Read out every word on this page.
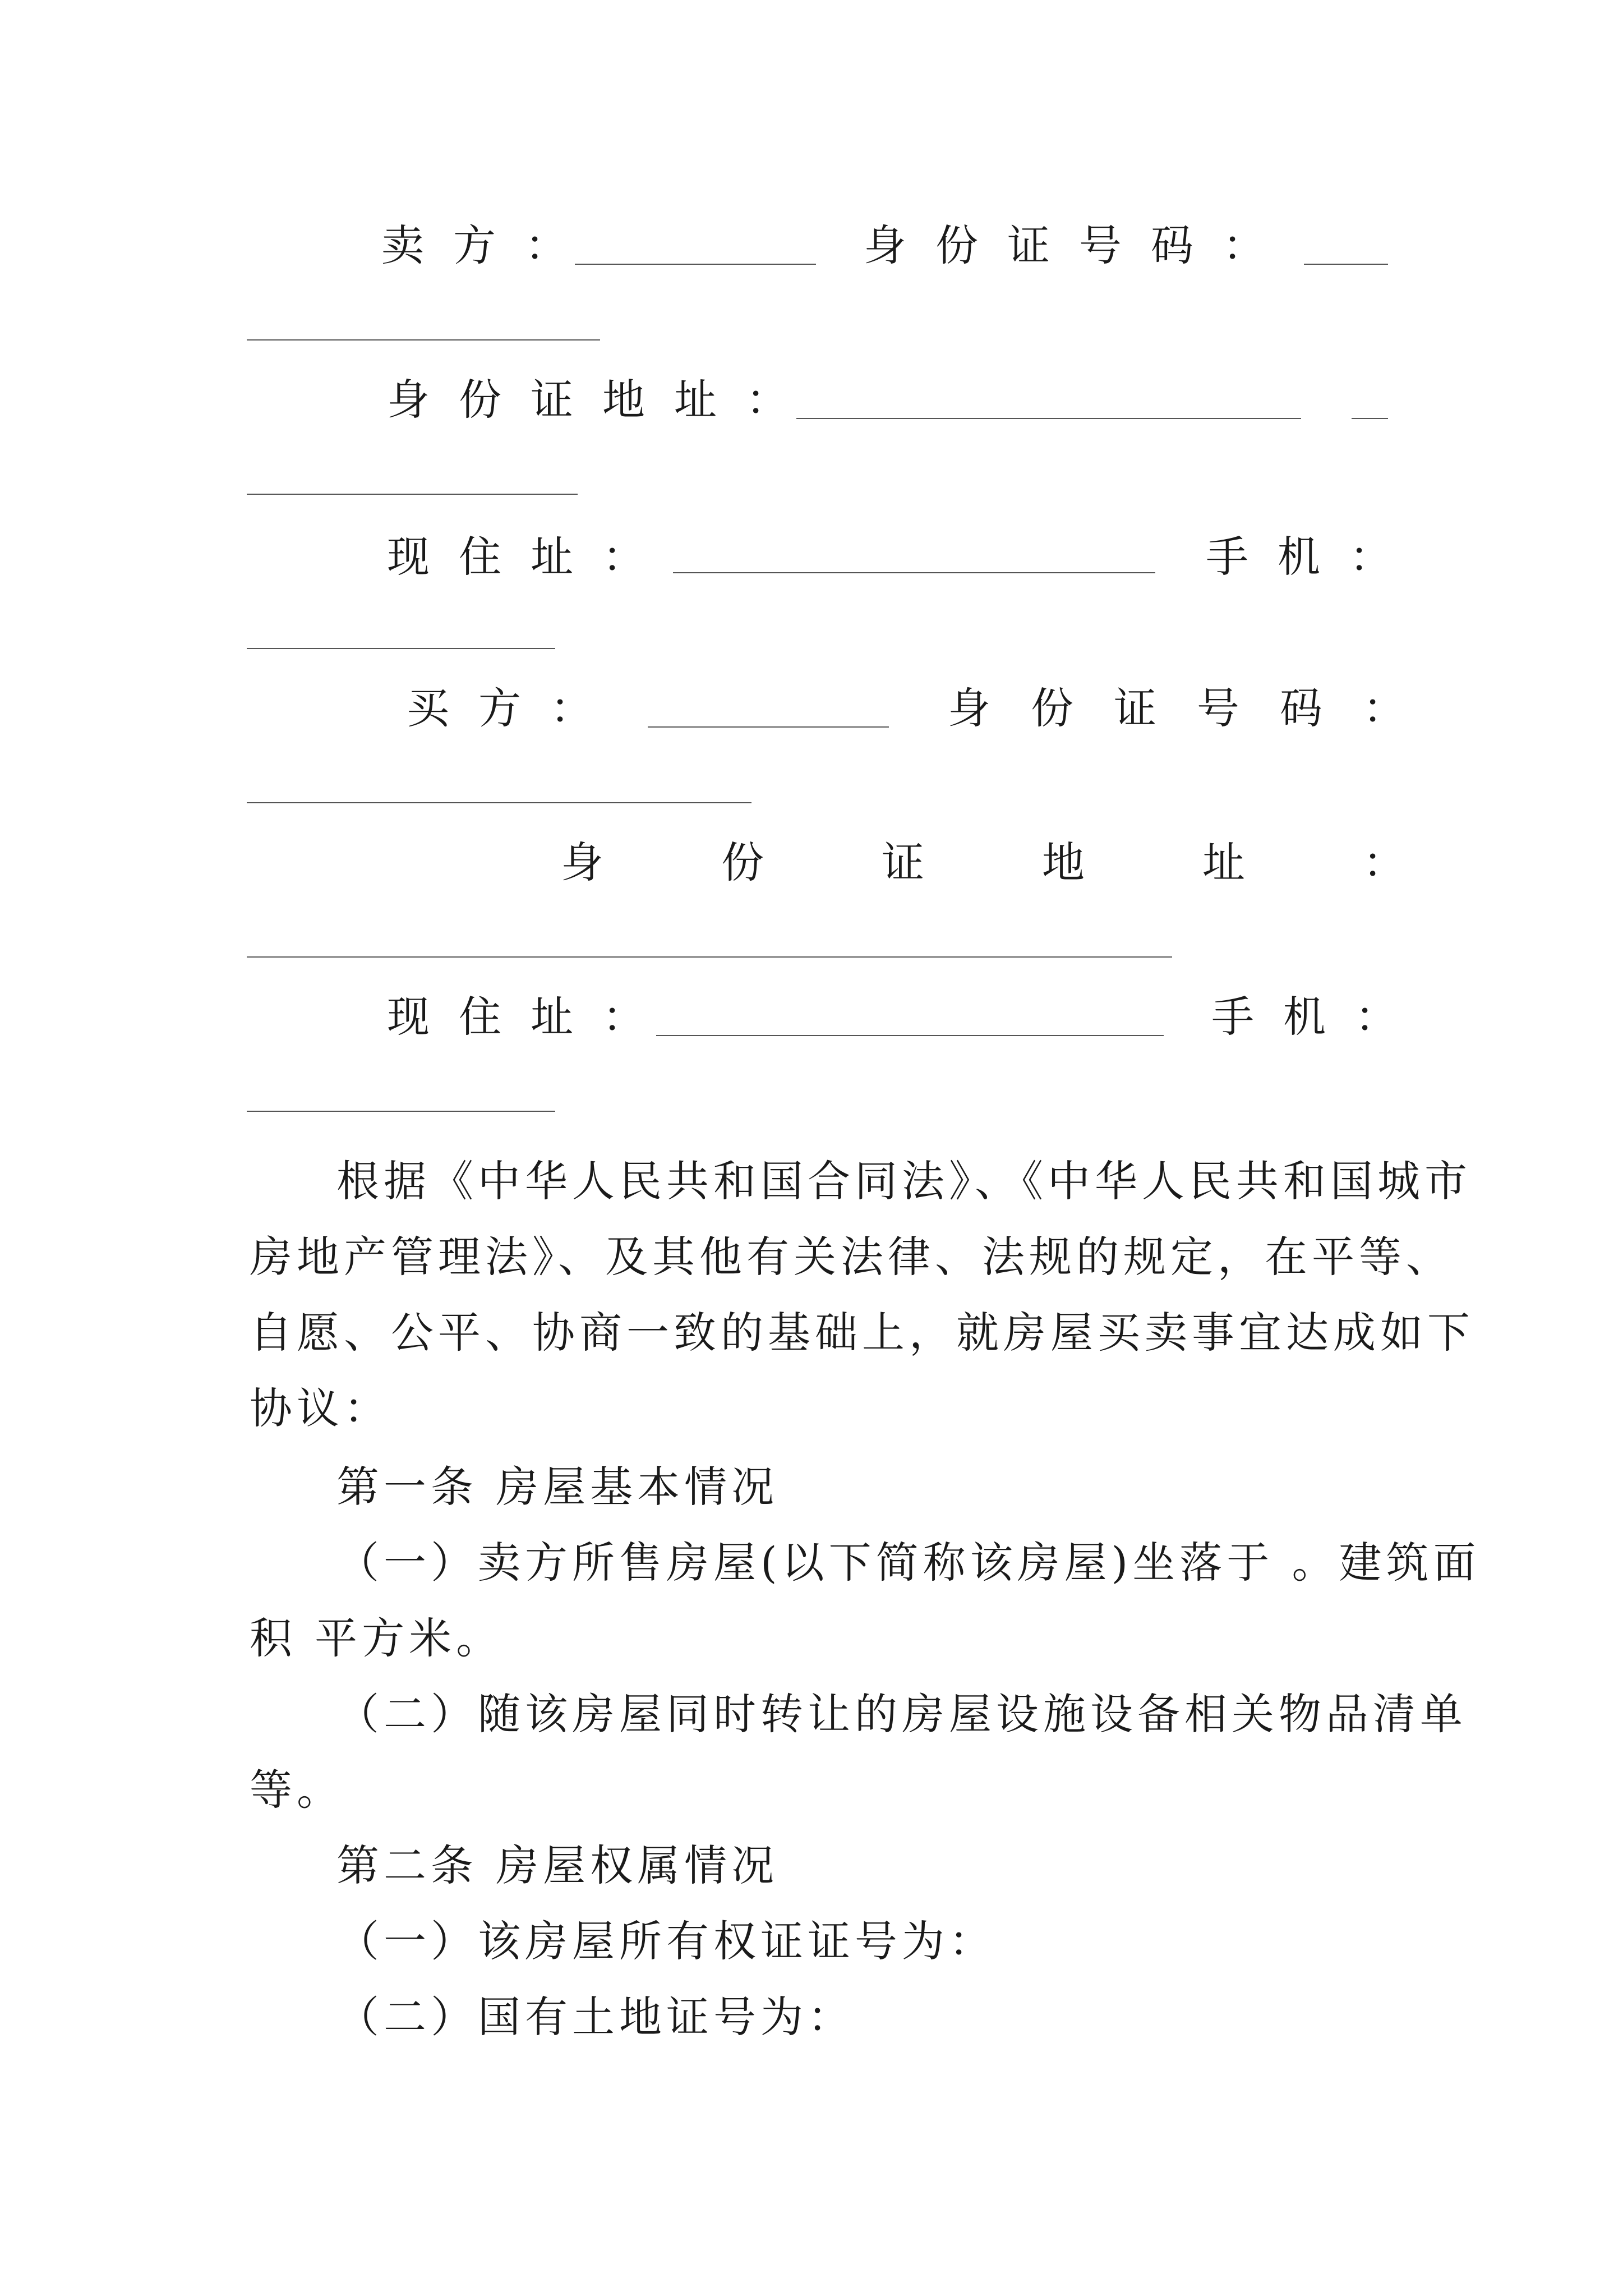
卖方：	身份证号码：
身份证地址：
现住址：	手机：
买方：	身份证号码：
身份证地址：
现住址：	手机：
根据《中华人民共和国合同法》、《中华人民共和国城市
房地产管理法》、及其他有关法律、法规的规定，在平等、
自愿、公平、协商一致的基础上，就房屋买卖事宜达成如下
协议：
第一条 房屋基本情况
（一）卖方所售房屋(以下简称该房屋)坐落于 。建筑面
积 平方米。
（二）随该房屋同时转让的房屋设施设备相关物品清单
等。
第二条 房屋权属情况
（一）该房屋所有权证证号为：
（二）国有土地证号为：
